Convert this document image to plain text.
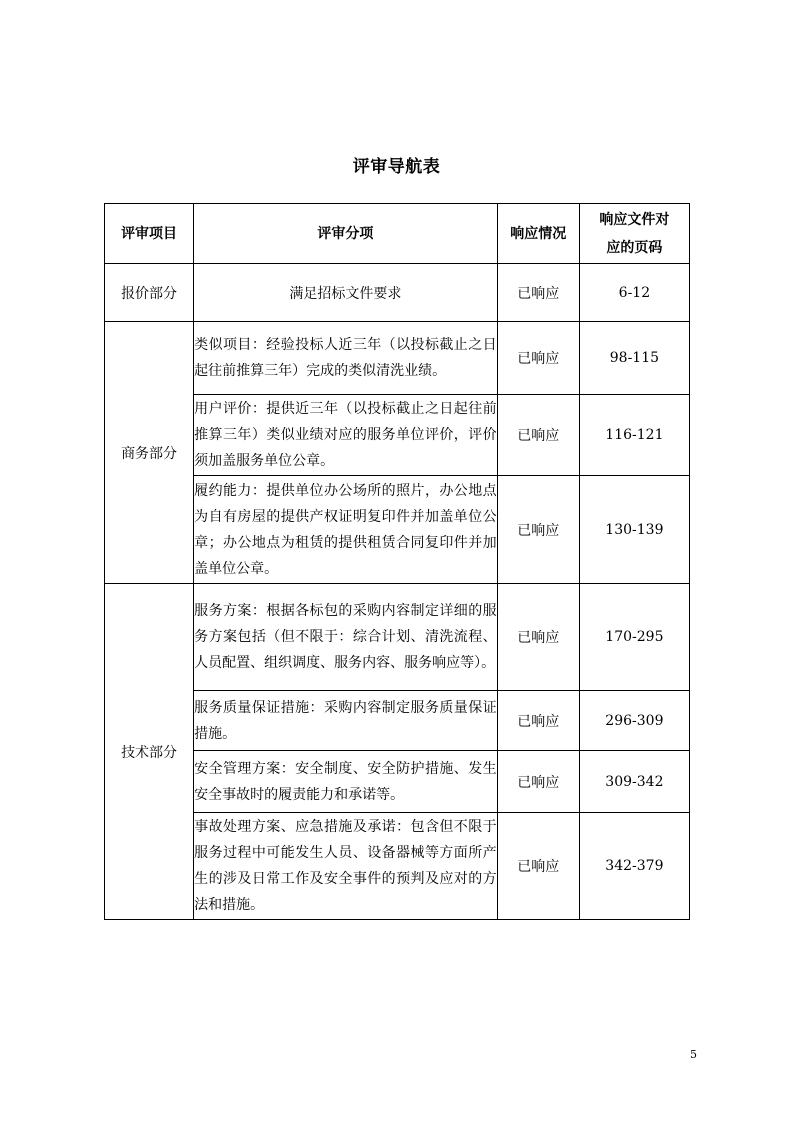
评审导航表
评审项目	评审分项	响应情况	响应文件对
应的页码

报价部分	满足招标文件要求	已响应	6-12
商务部分	类似项目：经验投标人近三年（以投标截止之日起往前推算三年）完成的类似清洗业绩。	已响应	98-115
	用户评价：提供近三年（以投标截止之日起往前推算三年）类似业绩对应的服务单位评价，评价须加盖服务单位公章。	已响应	116-121
	履约能力：提供单位办公场所的照片，办公地点为自有房屋的提供产权证明复印件并加盖单位公章；办公地点为租赁的提供租赁合同复印件并加盖单位公章。	已响应	130-139
技术部分	服务方案：根据各标包的采购内容制定详细的服务方案包括（但不限于：综合计划、清洗流程、人员配置、组织调度、服务内容、服务响应等）。	已响应	170-295
	服务质量保证措施：采购内容制定服务质量保证措施。	已响应	296-309
	安全管理方案：安全制度、安全防护措施、发生安全事故时的履责能力和承诺等。	已响应	309-342
	事故处理方案、应急措施及承诺：包含但不限于服务过程中可能发生人员、设备器械等方面所产生的涉及日常工作及安全事件的预判及应对的方法和措施。	已响应	342-379
5
